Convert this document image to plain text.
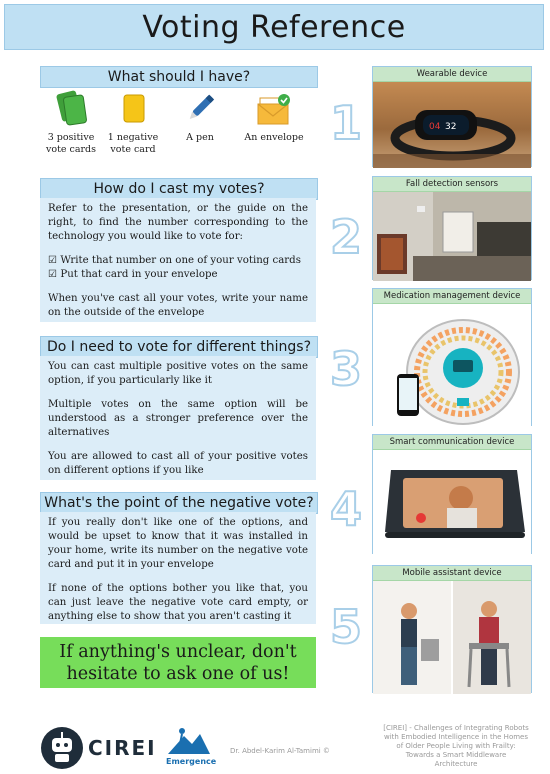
Voting Reference
What should I have?
3 positive
vote cards
1 negative
vote card
A pen	An envelope
How do I cast my votes?

Refer to the presentation, or the guide on the right, to find the number corresponding to the technology you would like to vote for:

☑ Write that number on one of your voting cards

☑ Put that card in your envelope

When you've cast all your votes, write your name on the outside of the envelope

Do I need to vote for different things?

You can cast multiple positive votes on the same option, if you particularly like it

Multiple votes on the same option will be understood as a stronger preference over the alternatives

You are allowed to cast all of your positive votes on different options if you like

What's the point of the negative vote?

If you really don't like one of the options, and would be upset to know that it was installed in your home, write its number on the negative vote card and put it in your envelope

If none of the options bother you like that, you can just leave the negative vote card empty, or anything else to show that you aren't casting it

If anything's unclear, don't
hesitate to ask one of us!
1
2
3
4
5
Wearable device
04 32
Fall detection sensors
Medication management device
Smart communication device
Mobile assistant device
CIREI
Emergence
Dr. Abdel-Karim Al-Tamimi ©
[CIREI] - Challenges of Integrating Robots
with Embodied Intelligence in the Homes
of Older People Living with Frailty:
Towards a Smart Middleware
Architecture
